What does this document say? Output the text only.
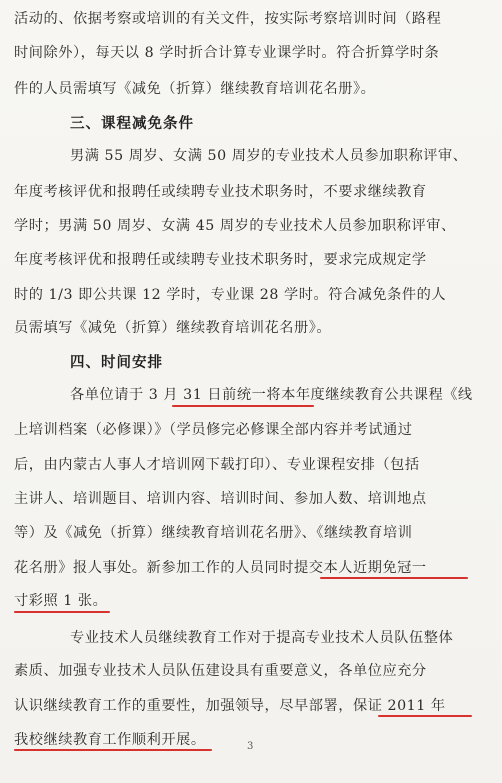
活动的、依据考察或培训的有关文件，按实际考察培训时间（路程
时间除外），每天以 8 学时折合计算专业课学时。符合折算学时条
件的人员需填写《减免（折算）继续教育培训花名册》。
三、课程减免条件
男满 55 周岁、女满 50 周岁的专业技术人员参加职称评审、
年度考核评优和报聘任或续聘专业技术职务时，不要求继续教育
学时；男满 50 周岁、女满 45 周岁的专业技术人员参加职称评审、
年度考核评优和报聘任或续聘专业技术职务时，要求完成规定学
时的 1/3 即公共课 12 学时，专业课 28 学时。符合减免条件的人
员需填写《减免（折算）继续教育培训花名册》。
四、时间安排
各单位请于 3 月 31 日前统一将本年度继续教育公共课程《线
上培训档案（必修课）》（学员修完必修课全部内容并考试通过
后，由内蒙古人事人才培训网下载打印）、专业课程安排（包括
主讲人、培训题目、培训内容、培训时间、参加人数、培训地点
等）及《减免（折算）继续教育培训花名册》、《继续教育培训
花名册》报人事处。新参加工作的人员同时提交本人近期免冠一
寸彩照 1 张。
专业技术人员继续教育工作对于提高专业技术人员队伍整体
素质、加强专业技术人员队伍建设具有重要意义，各单位应充分
认识继续教育工作的重要性，加强领导，尽早部署，保证 2011 年
我校继续教育工作顺利开展。	3
